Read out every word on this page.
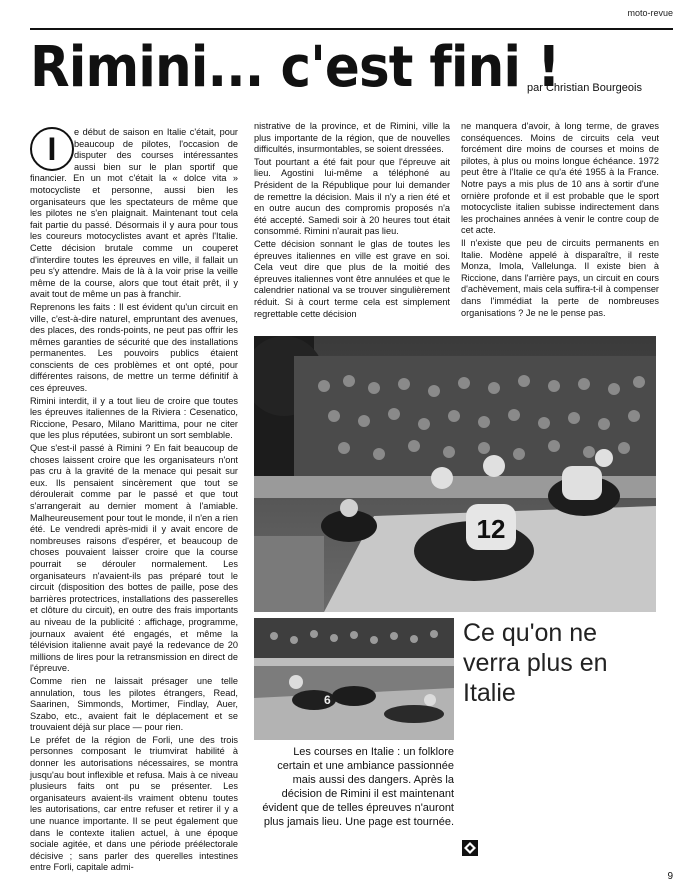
moto-revue
Rimini... c'est fini !
par Christian Bourgeois

e début de saison en Italie c'était, pour beaucoup de pilotes, l'occasion de disputer des courses intéressantes aussi bien sur le plan sportif que financier. En un mot c'était la « dolce vita » motocycliste et personne, aussi bien les organisateurs que les spectateurs de même que les pilotes ne s'en plaignait. Maintenant tout cela fait partie du passé. Désormais il y aura pour tous les coureurs motocyclistes avant et après l'Italie. Cette décision brutale comme un couperet d'interdire toutes les épreuves en ville, il fallait un peu s'y attendre. Mais de là à la voir prise la veille même de la course, alors que tout était prêt, il y avait tout de même un pas à franchir.

Reprenons les faits : Il est évident qu'un circuit en ville, c'est-à-dire naturel, empruntant des avenues, des places, des ronds-points, ne peut pas offrir les mêmes garanties de sécurité que des installations permanentes. Les pouvoirs publics étaient conscients de ces problèmes et ont opté, pour différentes raisons, de mettre un terme définitif à ces épreuves.

Rimini interdit, il y a tout lieu de croire que toutes les épreuves italiennes de la Riviera : Cesenatico, Riccione, Pesaro, Milano Marittima, pour ne citer que les plus réputées, subiront un sort semblable.

Que s'est-il passé à Rimini ? En fait beaucoup de choses laissent croire que les organisateurs n'ont pas cru à la gravité de la menace qui pesait sur eux. Ils pensaient sincèrement que tout se déroulerait comme par le passé et que tout s'arrangerait au dernier moment à l'amiable. Malheureusement pour tout le monde, il n'en a rien été. Le vendredi après-midi il y avait encore de nombreuses raisons d'espérer, et beaucoup de choses pouvaient laisser croire que la course pourrait se dérouler normalement. Les organisateurs n'avaient-ils pas préparé tout le circuit (disposition des bottes de paille, pose des barrières protectrices, installations des passerelles et clôture du circuit), en outre des frais importants au niveau de la publicité : affichage, programme, journaux avaient été engagés, et même la télévision italienne avait payé la redevance de 20 millions de lires pour la retransmission en direct de l'épreuve.

Comme rien ne laissait présager une telle annulation, tous les pilotes étrangers, Read, Saarinen, Simmonds, Mortimer, Findlay, Auer, Szabo, etc., avaient fait le déplacement et se trouvaient déjà sur place — pour rien.

Le préfet de la région de Forli, une des trois personnes composant le triumvirat habilité à donner les autorisations nécessaires, se montra jusqu'au bout inflexible et refusa. Mais à ce niveau plusieurs faits ont pu se présenter. Les organisateurs avaient-ils vraiment obtenu toutes les autorisations, car entre refuser et retirer il y a une nuance importante. Il se peut également que dans le contexte italien actuel, à une époque sociale agitée, et dans une période préélectorale décisive ; sans parler des querelles intestines entre Forli, capitale admi-

I

nistrative de la province, et de Rimini, ville la plus importante de la région, que de nouvelles difficultés, insurmontables, se soient dressées.

Tout pourtant a été fait pour que l'épreuve ait lieu. Agostini lui-même a téléphoné au Président de la République pour lui demander de remettre la décision. Mais il n'y a rien été et en outre aucun des compromis proposés n'a été accepté. Samedi soir à 20 heures tout était consommé. Rimini n'aurait pas lieu.

Cette décision sonnant le glas de toutes les épreuves italiennes en ville est grave en soi. Cela veut dire que plus de la moitié des épreuves italiennes vont être annulées et que le calendrier national va se trouver singulièrement réduit. Si à court terme cela est simplement regrettable cette décision

ne manquera d'avoir, à long terme, de graves conséquences. Moins de circuits cela veut forcément dire moins de courses et moins de pilotes, à plus ou moins longue échéance. 1972 peut être à l'Italie ce qu'a été 1955 à la France. Notre pays a mis plus de 10 ans à sortir d'une ornière profonde et il est probable que le sport motocycliste italien subisse indirectement dans les prochaines années à venir le contre coup de cet acte.

Il n'existe que peu de circuits permanents en Italie. Modène appelé à disparaître, il reste Monza, Imola, Vallelunga. Il existe bien à Riccione, dans l'arrière pays, un circuit en cours d'achèvement, mais cela suffira-t-il à compenser dans l'immédiat la perte de nombreuses organisations ? Je ne le pense pas.

12
6
Ce qu'on ne verra plus en Italie
Les courses en Italie : un folklore certain et une ambiance passionnée mais aussi des dangers. Après la décision de Rimini il est maintenant évident que de telles épreuves n'auront plus jamais lieu. Une page est tournée.
9
